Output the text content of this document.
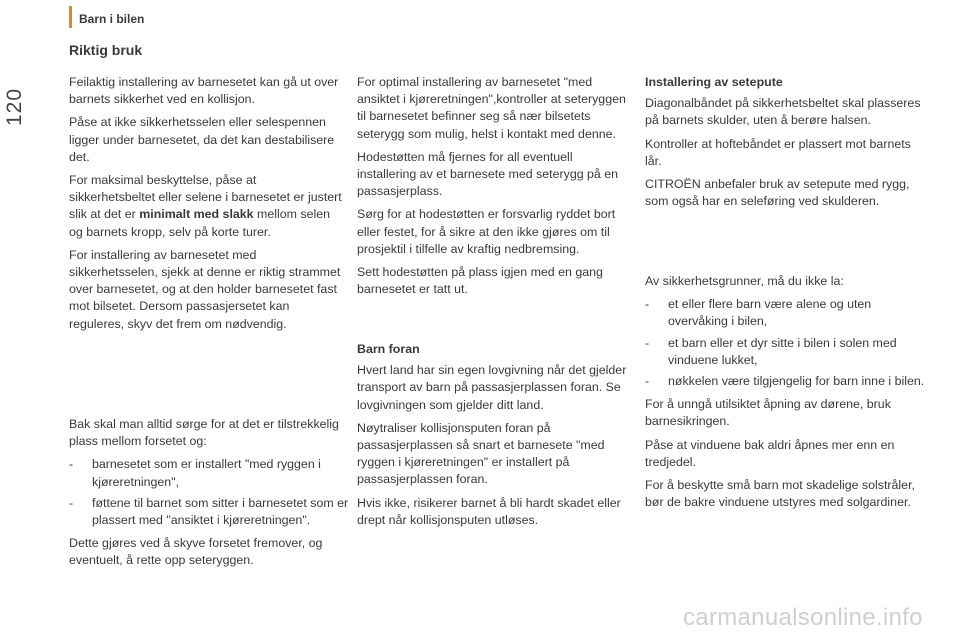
Barn i bilen
120
Riktig bruk

Feilaktig installering av barnesetet kan gå ut over barnets sikkerhet ved en kollisjon.

Påse at ikke sikkerhetsselen eller selespennen ligger under barnesetet, da det kan destabilisere det.

For maksimal beskyttelse, påse at sikkerhetsbeltet eller selene i barnesetet er justert slik at det er minimalt med slakk mellom selen og barnets kropp, selv på korte turer.

For installering av barnesetet med sikkerhetsselen, sjekk at denne er riktig strammet over barnesetet, og at den holder barnesetet fast mot bilsetet. Dersom passasjersetet kan reguleres, skyv det frem om nødvendig.

Bak skal man alltid sørge for at det er tilstrekkelig plass mellom forsetet og:

- barnesetet som er installert "med ryggen i kjøreretningen",
- føttene til barnet som sitter i barnesetet som er plassert med "ansiktet i kjøreretningen".

Dette gjøres ved å skyve forsetet fremover, og eventuelt, å rette opp seteryggen.

For optimal installering av barnesetet "med ansiktet i kjøreretningen",kontroller at seteryggen til barnesetet befinner seg så nær bilsetets seterygg som mulig, helst i kontakt med denne.

Hodestøtten må fjernes for all eventuell installering av et barnesete med seterygg på en passasjerplass.

Sørg for at hodestøtten er forsvarlig ryddet bort eller festet, for å sikre at den ikke gjøres om til prosjektil i tilfelle av kraftig nedbremsing.

Sett hodestøtten på plass igjen med en gang barnesetet er tatt ut.

Barn foran

Hvert land har sin egen lovgivning når det gjelder transport av barn på passasjerplassen foran. Se lovgivningen som gjelder ditt land.

Nøytraliser kollisjonsputen foran på passasjerplassen så snart et barnesete "med ryggen i kjøreretningen" er installert på passasjerplassen foran.

Hvis ikke, risikerer barnet å bli hardt skadet eller drept når kollisjonsputen utløses.

Installering av setepute

Diagonalbåndet på sikkerhetsbeltet skal plasseres på barnets skulder, uten å berøre halsen.

Kontroller at hoftebåndet er plassert mot barnets lår.

CITROËN anbefaler bruk av setepute med rygg, som også har en seleføring ved skulderen.

Av sikkerhetsgrunner, må du ikke la:

- et eller flere barn være alene og uten overvåking i bilen,
- et barn eller et dyr sitte i bilen i solen med vinduene lukket,
- nøkkelen være tilgjengelig for barn inne i bilen.

For å unngå utilsiktet åpning av dørene, bruk barnesikringen.

Påse at vinduene bak aldri åpnes mer enn en tredjedel.

For å beskytte små barn mot skadelige solstråler, bør de bakre vinduene utstyres med solgardiner.

carmanualsonline.info
